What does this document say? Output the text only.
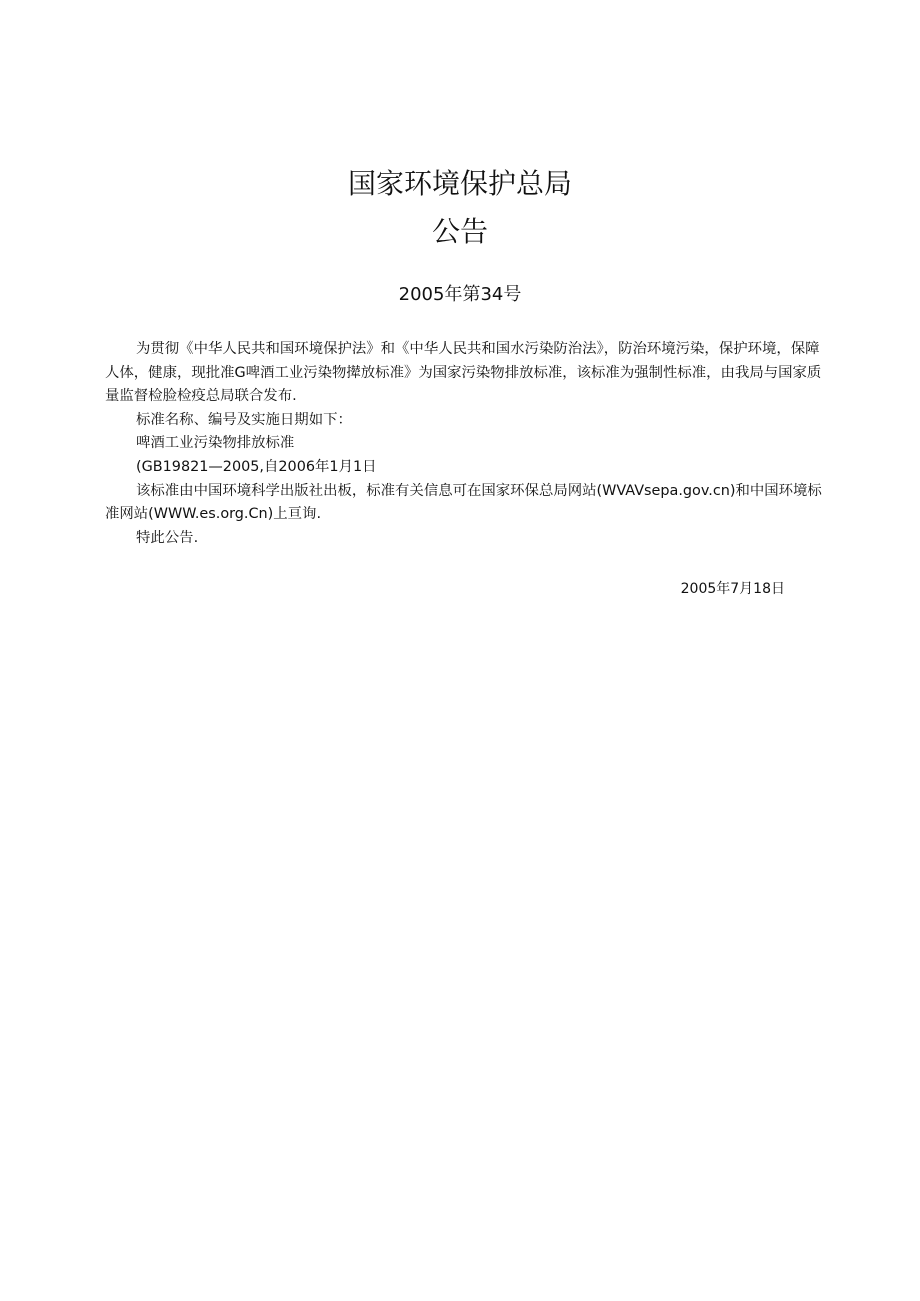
国家环境保护总局
公告
2005年第34号

为贯彻《中华人民共和国环境保护法》和《中华人民共和国水污染防治法》，防治环境污染，保护环境，保障人体，健康，现批准G啤酒工业污染物撵放标准》为国家污染物排放标准，该标准为强制性标准，由我局与国家质量监督检脸检疫总局联合发布.

标准名称、编号及实施日期如下：

啤酒工业污染物排放标准

(GB19821—2005,自2006年1月1日

该标准由中国环境科学出版社出板，标准有关信息可在国家环保总局网站(WVAVsepa.gov.cn)和中国环境标准网站(WWW.es.org.Cn)上亘询.

特此公告.

2005年7月18日
